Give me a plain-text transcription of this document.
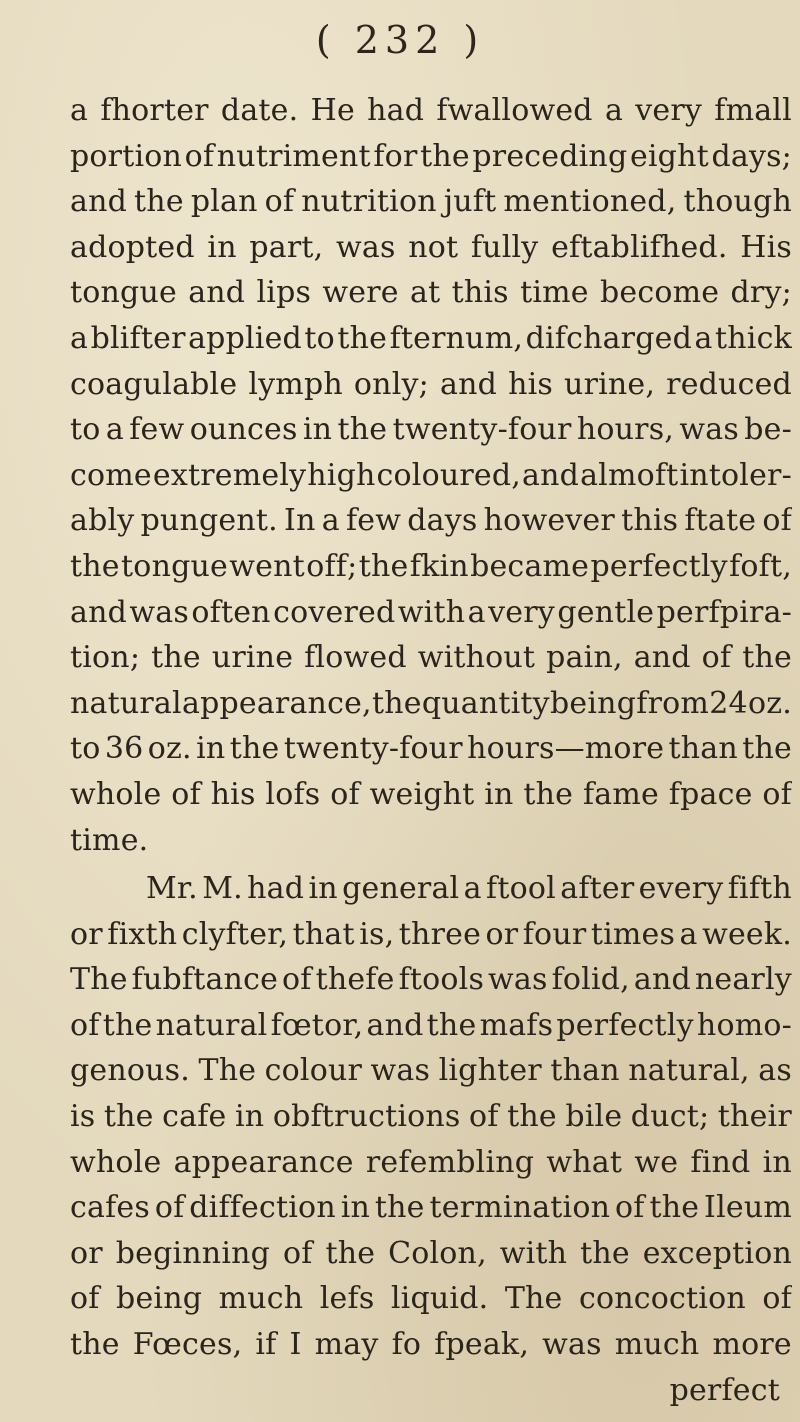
( 232 )
a fhorter date. He had fwallowed a very fmall
portion of nutriment for the preceding eight days;
and the plan of nutrition juft mentioned, though
adopted in part, was not fully eftablifhed. His
tongue and lips were at this time become dry;
a blifter applied to the fternum, difcharged a thick
coagulable lymph only; and his urine, reduced
to a few ounces in the twenty-four hours, was be-
come extremely high coloured, and almoft intoler-
ably pungent. In a few days however this ftate of
the tongue went off; the fkin became perfectly foft,
and was often covered with a very gentle perfpira-
tion; the urine flowed without pain, and of the
natural appearance, the quantity being from 24 oz.
to 36 oz. in the twenty-four hours—more than the
whole of his lofs of weight in the fame fpace of
time.
Mr. M. had in general a ftool after every fifth
or fixth clyfter, that is, three or four times a week.
The fubftance of thefe ftools was folid, and nearly
of the natural fœtor, and the mafs perfectly homo-
genous. The colour was lighter than natural, as
is the cafe in obftructions of the bile duct; their
whole appearance refembling what we find in
cafes of diffection in the termination of the Ileum
or beginning of the Colon, with the exception
of being much lefs liquid. The concoction of
the Fœces, if I may fo fpeak, was much more
perfect
